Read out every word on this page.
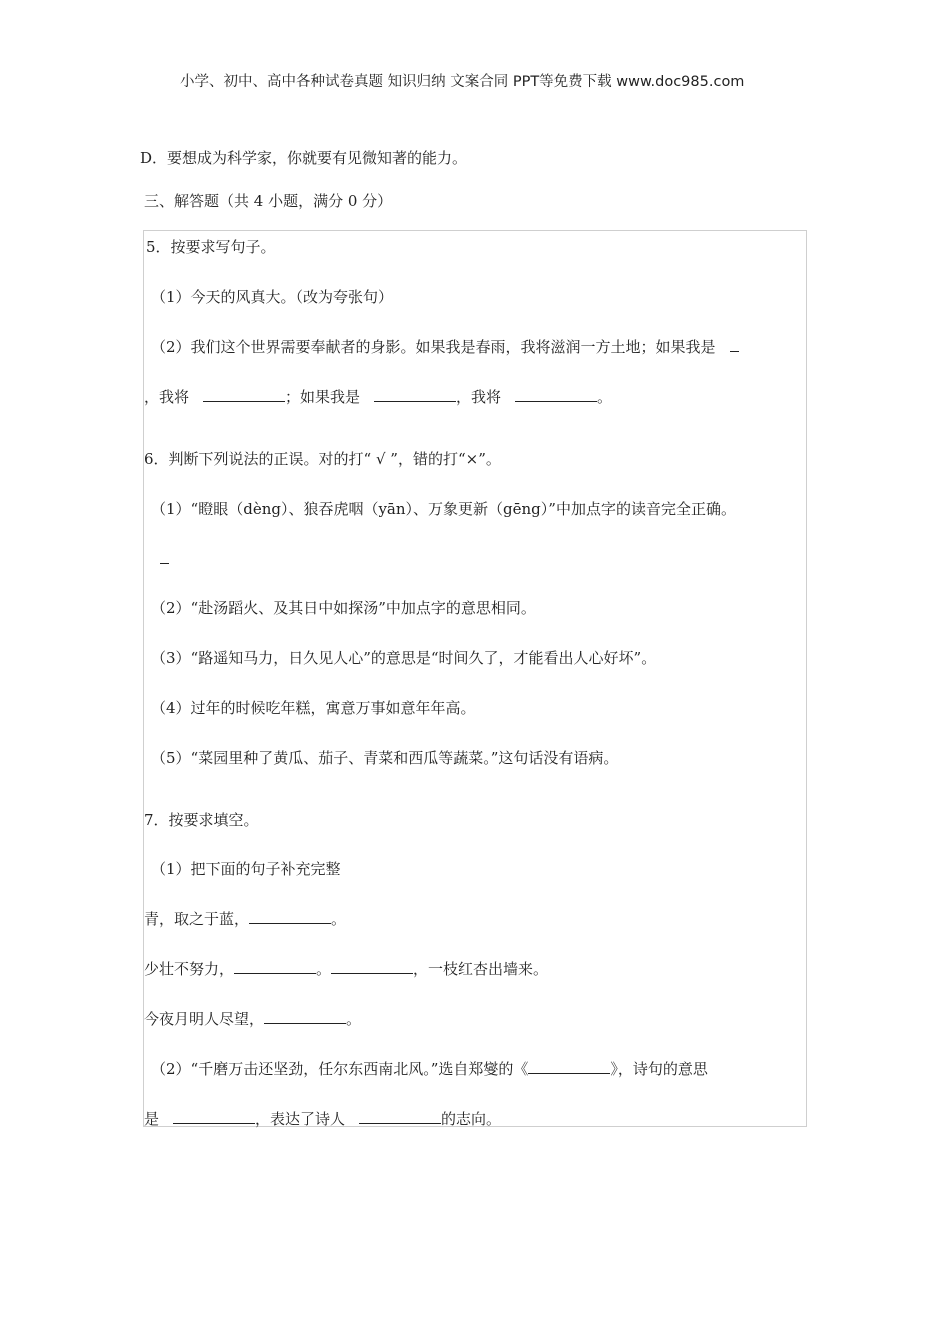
小学、初中、高中各种试卷真题 知识归纳 文案合同 PPT等免费下载 www.doc985.com
D．要想成为科学家，你就要有见微知著的能力。
三、解答题（共 4 小题，满分 0 分）
5．按要求写句子。
（1）今天的风真大。（改为夸张句）
（2）我们这个世界需要奉献者的身影。如果我是春雨，我将滋润一方土地；如果我是
，我将	；如果我是	，我将	。
6．判断下列说法的正误。对的打“ √ ”，错的打“×”。
（1）“瞪眼（dèng）、狼吞虎咽（yān）、万象更新（gēng）”中加点字的读音完全正确。
（2）“赴汤蹈火、及其日中如探汤”中加点字的意思相同。
（3）“路遥知马力，日久见人心”的意思是“时间久了，才能看出人心好坏”。
（4）过年的时候吃年糕，寓意万事如意年年高。
（5）“菜园里种了黄瓜、茄子、青菜和西瓜等蔬菜。”这句话没有语病。
7．按要求填空。
（1）把下面的句子补充完整
青，取之于蓝，	。
少壮不努力，	。	，一枝红杏出墙来。
今夜月明人尽望，	。
（2）“千磨万击还坚劲，任尔东西南北风。”选自郑燮的《	》，诗句的意思
是	，表达了诗人	的志向。
